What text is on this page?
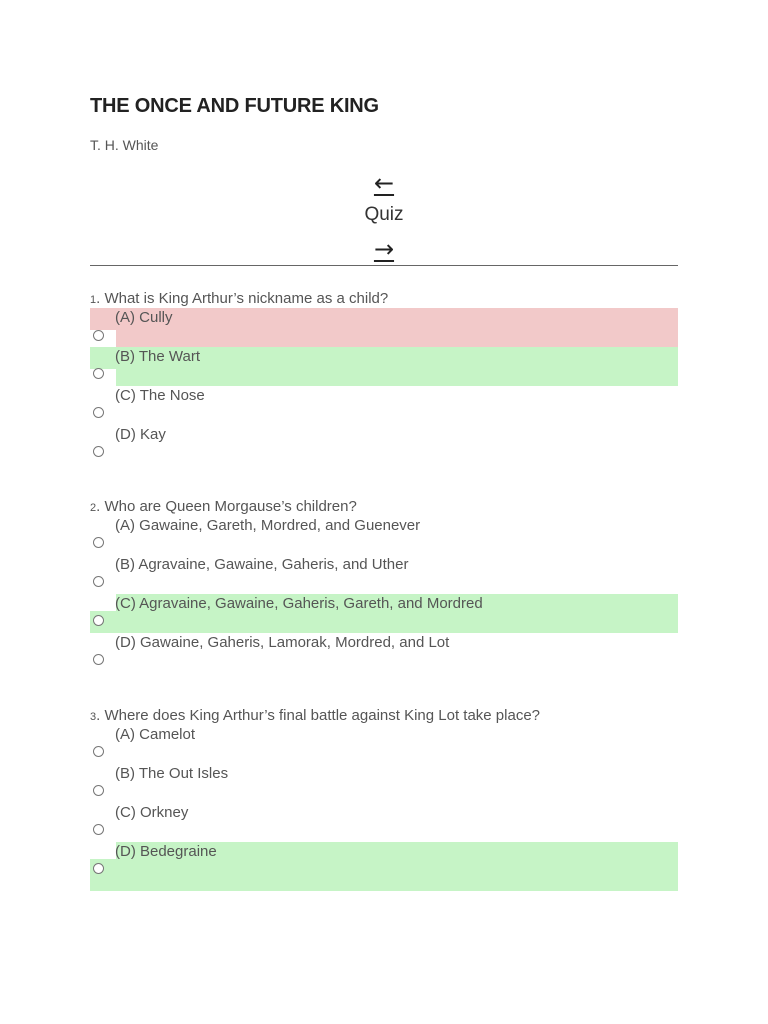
THE ONCE AND FUTURE KING
T. H. White
←
Quiz
→
1. What is King Arthur’s nickname as a child?
(A) Cully
(B) The Wart
(C) The Nose
(D) Kay
2. Who are Queen Morgause’s children?
(A) Gawaine, Gareth, Mordred, and Guenever
(B) Agravaine, Gawaine, Gaheris, and Uther
(C) Agravaine, Gawaine, Gaheris, Gareth, and Mordred
(D) Gawaine, Gaheris, Lamorak, Mordred, and Lot
3. Where does King Arthur’s final battle against King Lot take place?
(A) Camelot
(B) The Out Isles
(C) Orkney
(D) Bedegraine
